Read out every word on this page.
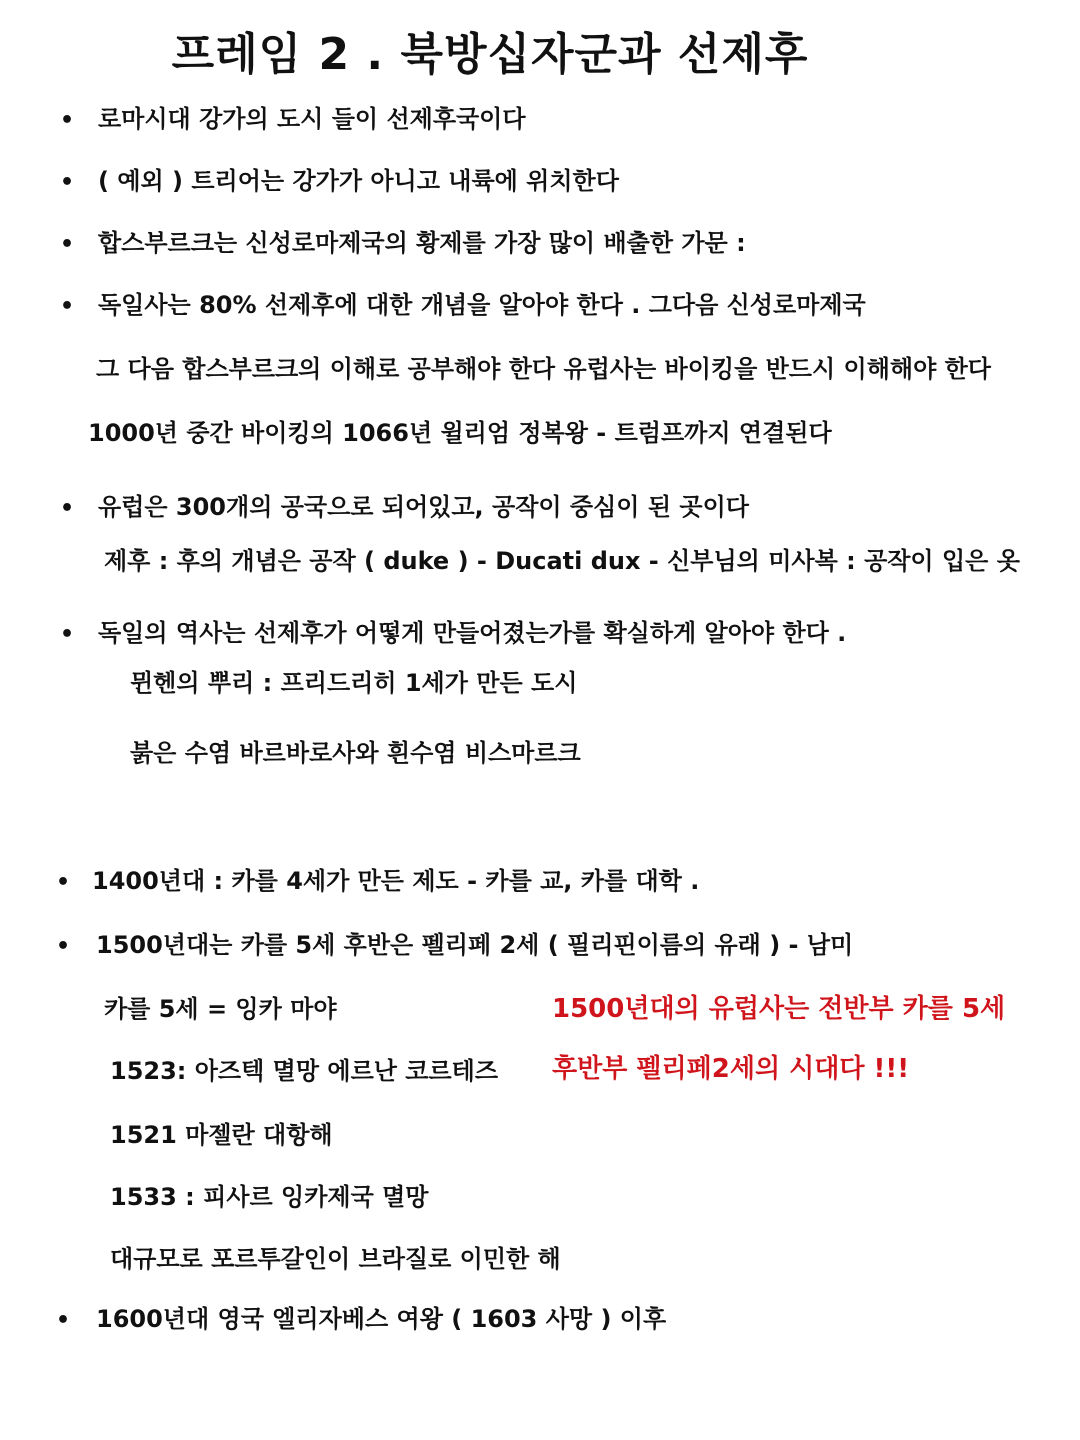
프레임 2 . 북방십자군과 선제후
•
•
•
•
•
•
•
•
•
로마시대 강가의 도시 들이 선제후국이다
( 예외 ) 트리어는 강가가 아니고 내륙에 위치한다
합스부르크는 신성로마제국의 황제를 가장 많이 배출한 가문 :
독일사는 80% 선제후에 대한 개념을 알아야 한다 . 그다음 신성로마제국
그 다음 합스부르크의 이해로 공부해야 한다 유럽사는 바이킹을 반드시 이해해야 한다
1000년 중간 바이킹의 1066년 윌리엄 정복왕 - 트럼프까지 연결된다
유럽은 300개의 공국으로 되어있고, 공작이 중심이 된 곳이다
제후 : 후의 개념은 공작 ( duke ) - Ducati dux - 신부님의 미사복 : 공작이 입은 옷
독일의 역사는 선제후가 어떻게 만들어졌는가를 확실하게 알아야 한다 .
뮌헨의 뿌리 : 프리드리히 1세가 만든 도시
붉은 수염 바르바로사와 흰수염 비스마르크
1400년대 : 카를 4세가 만든 제도 - 카를 교, 카를 대학 .
1500년대는 카를 5세 후반은 펠리페 2세 ( 필리핀이름의 유래 ) - 남미
카를 5세 = 잉카 마야
1523: 아즈텍 멸망 에르난 코르테즈
1521 마젤란 대항해
1533 : 피사르 잉카제국 멸망
대규모로 포르투갈인이 브라질로 이민한 해
1600년대 영국 엘리자베스 여왕 ( 1603 사망 ) 이후
1500년대의 유럽사는 전반부 카를 5세
후반부 펠리페2세의 시대다 !!!
